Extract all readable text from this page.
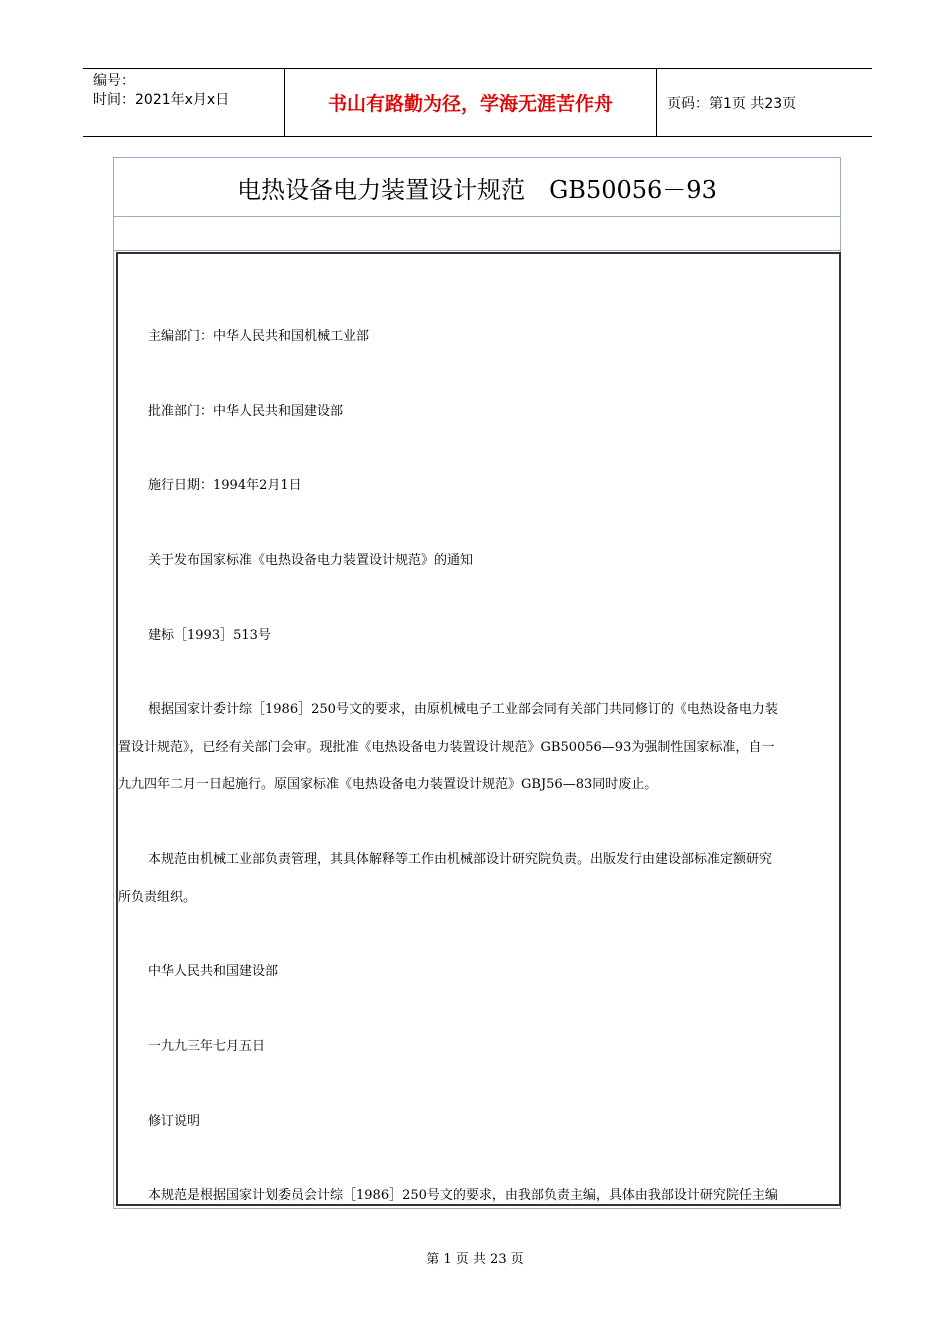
编号：
时间：2021年x月x日	书山有路勤为径，学海无涯苦作舟	页码：第1页 共23页
电热设备电力装置设计规范　GB50056－93
主编部门：中华人民共和国机械工业部
批准部门：中华人民共和国建设部
施行日期：1994年2月1日
关于发布国家标准《电热设备电力装置设计规范》的通知
建标［1993］513号
根据国家计委计综［1986］250号文的要求，由原机械电子工业部会同有关部门共同修订的《电热设备电力装
置设计规范》，已经有关部门会审。现批准《电热设备电力装置设计规范》GB50056—93为强制性国家标准，自一
九九四年二月一日起施行。原国家标准《电热设备电力装置设计规范》GBJ56—83同时废止。
本规范由机械工业部负责管理，其具体解释等工作由机械部设计研究院负责。出版发行由建设部标准定额研究
所负责组织。
中华人民共和国建设部
一九九三年七月五日
修订说明
本规范是根据国家计划委员会计综［1986］250号文的要求，由我部负责主编，具体由我部设计研究院任主编
第 1 页 共 23 页
